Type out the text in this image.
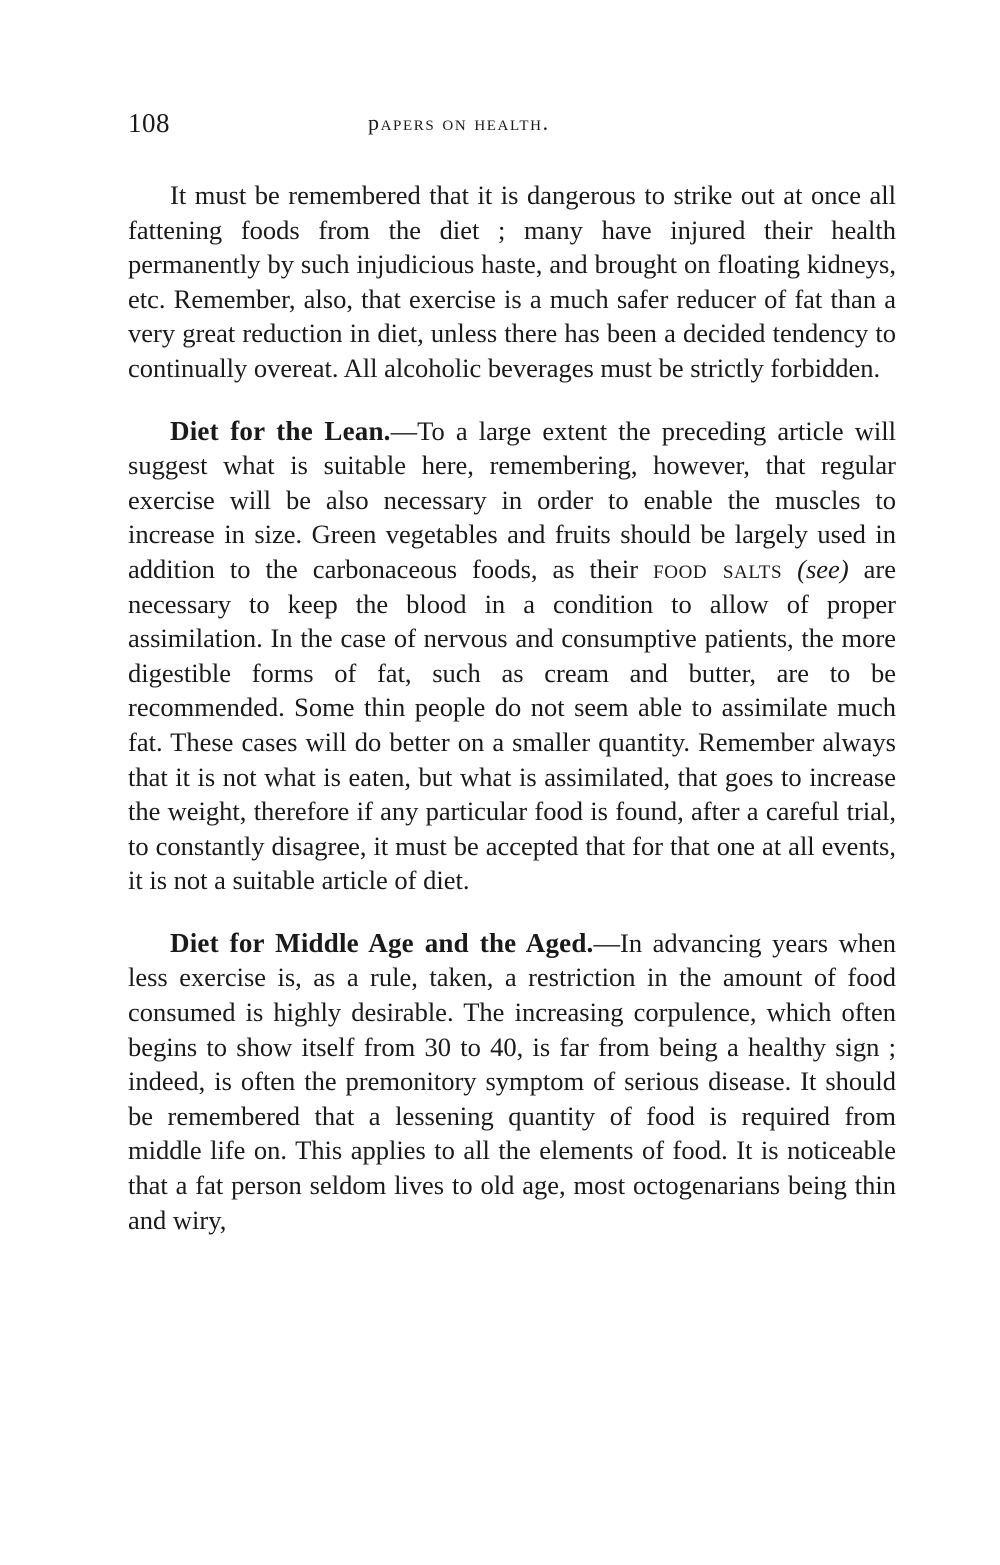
108	papers on health.

It must be remembered that it is dangerous to strike out at once all fattening foods from the diet ; many have injured their health permanently by such injudicious haste, and brought on floating kidneys, etc. Remember, also, that exercise is a much safer reducer of fat than a very great reduction in diet, unless there has been a decided tendency to continually overeat. All alcoholic beverages must be strictly forbidden.

Diet for the Lean.—To a large extent the preceding article will suggest what is suitable here, remembering, however, that regular exercise will be also necessary in order to enable the muscles to increase in size. Green vegetables and fruits should be largely used in addition to the carbonaceous foods, as their food salts (see) are necessary to keep the blood in a condition to allow of proper assimilation. In the case of nervous and consumptive patients, the more digestible forms of fat, such as cream and butter, are to be recommended. Some thin people do not seem able to assimilate much fat. These cases will do better on a smaller quantity. Remember always that it is not what is eaten, but what is assimilated, that goes to increase the weight, therefore if any particular food is found, after a careful trial, to constantly disagree, it must be accepted that for that one at all events, it is not a suitable article of diet.

Diet for Middle Age and the Aged.—In advancing years when less exercise is, as a rule, taken, a restriction in the amount of food consumed is highly desirable. The increasing corpulence, which often begins to show itself from 30 to 40, is far from being a healthy sign ; indeed, is often the premonitory symptom of serious disease. It should be remembered that a lessening quantity of food is required from middle life on. This applies to all the elements of food. It is noticeable that a fat person seldom lives to old age, most octogenarians being thin and wiry,
